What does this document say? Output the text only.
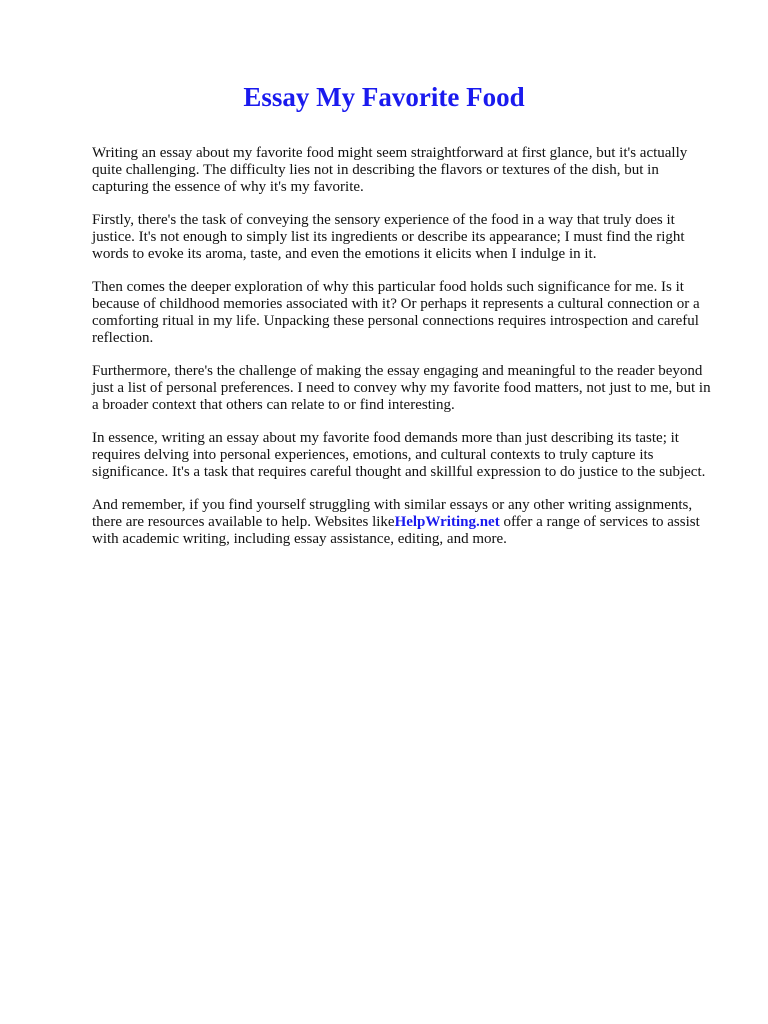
Essay My Favorite Food

Writing an essay about my favorite food might seem straightforward at first glance, but it's actually quite challenging. The difficulty lies not in describing the flavors or textures of the dish, but in capturing the essence of why it's my favorite.

Firstly, there's the task of conveying the sensory experience of the food in a way that truly does it justice. It's not enough to simply list its ingredients or describe its appearance; I must find the right words to evoke its aroma, taste, and even the emotions it elicits when I indulge in it.

Then comes the deeper exploration of why this particular food holds such significance for me. Is it because of childhood memories associated with it? Or perhaps it represents a cultural connection or a comforting ritual in my life. Unpacking these personal connections requires introspection and careful reflection.

Furthermore, there's the challenge of making the essay engaging and meaningful to the reader beyond just a list of personal preferences. I need to convey why my favorite food matters, not just to me, but in a broader context that others can relate to or find interesting.

In essence, writing an essay about my favorite food demands more than just describing its taste; it requires delving into personal experiences, emotions, and cultural contexts to truly capture its significance. It's a task that requires careful thought and skillful expression to do justice to the subject.

And remember, if you find yourself struggling with similar essays or any other writing assignments, there are resources available to help. Websites likeHelpWriting.net offer a range of services to assist with academic writing, including essay assistance, editing, and more.
